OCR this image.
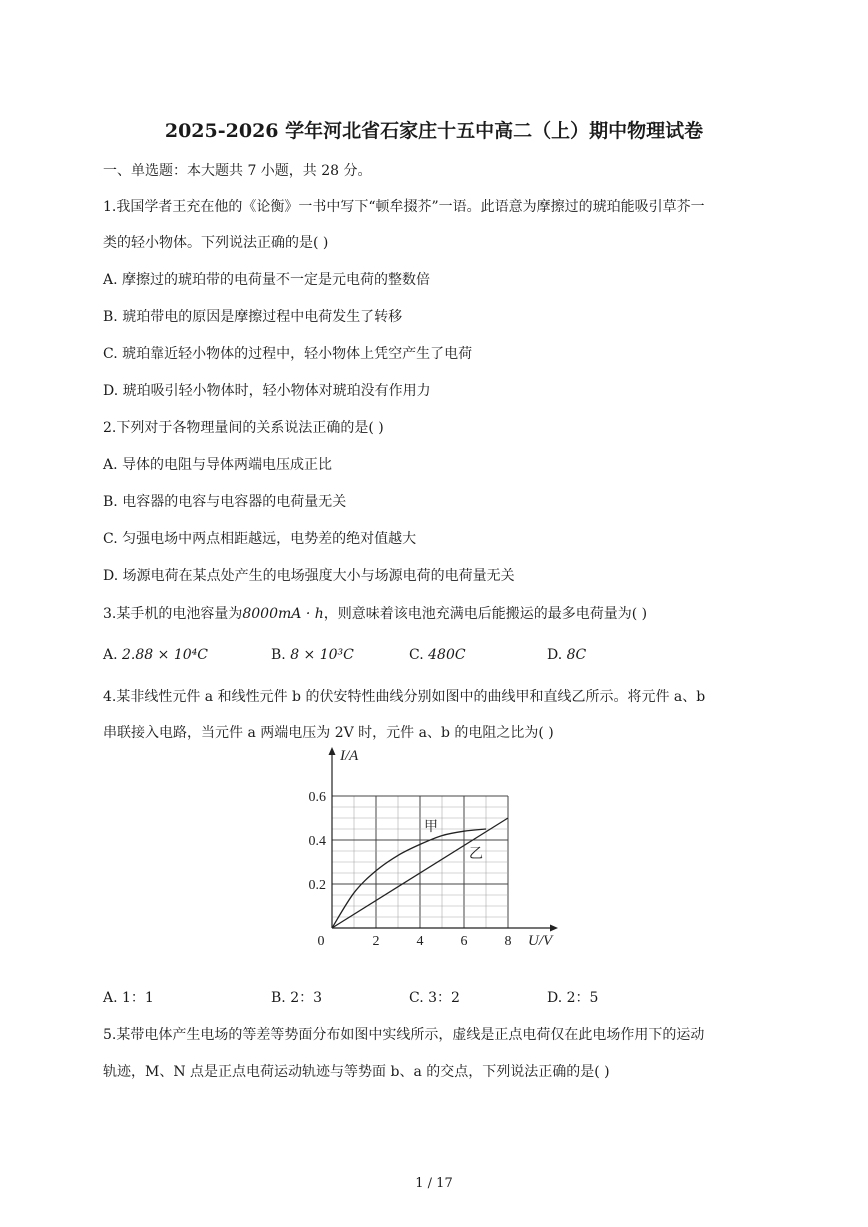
2025-2026 学年河北省石家庄十五中高二（上）期中物理试卷
一、单选题：本大题共 7 小题，共 28 分。
1.我国学者王充在他的《论衡》一书中写下“顿牟掇芥”一语。此语意为摩擦过的琥珀能吸引草芥一
类的轻小物体。下列说法正确的是( )
A. 摩擦过的琥珀带的电荷量不一定是元电荷的整数倍
B. 琥珀带电的原因是摩擦过程中电荷发生了转移
C. 琥珀靠近轻小物体的过程中，轻小物体上凭空产生了电荷
D. 琥珀吸引轻小物体时，轻小物体对琥珀没有作用力
2.下列对于各物理量间的关系说法正确的是( )
A. 导体的电阻与导体两端电压成正比
B. 电容器的电容与电容器的电荷量无关
C. 匀强电场中两点相距越远，电势差的绝对值越大
D. 场源电荷在某点处产生的电场强度大小与场源电荷的电荷量无关
3.某手机的电池容量为8000mA · h，则意味着该电池充满电后能搬运的最多电荷量为( )
A. 2.88 × 10⁴C	B. 8 × 10³C	C. 480C	D. 8C
4.某非线性元件 a 和线性元件 b 的伏安特性曲线分别如图中的曲线甲和直线乙所示。将元件 a、b
串联接入电路，当元件 a 两端电压为 2V 时，元件 a、b 的电阻之比为( )
0	2	4	6	8
0.2
0.4
0.6
I/A
U/V
甲
乙
A. 1：1	B. 2：3	C. 3：2	D. 2：5
5.某带电体产生电场的等差等势面分布如图中实线所示，虚线是正点电荷仅在此电场作用下的运动
轨迹，M、N 点是正点电荷运动轨迹与等势面 b、a 的交点，下列说法正确的是( )
1 / 17
